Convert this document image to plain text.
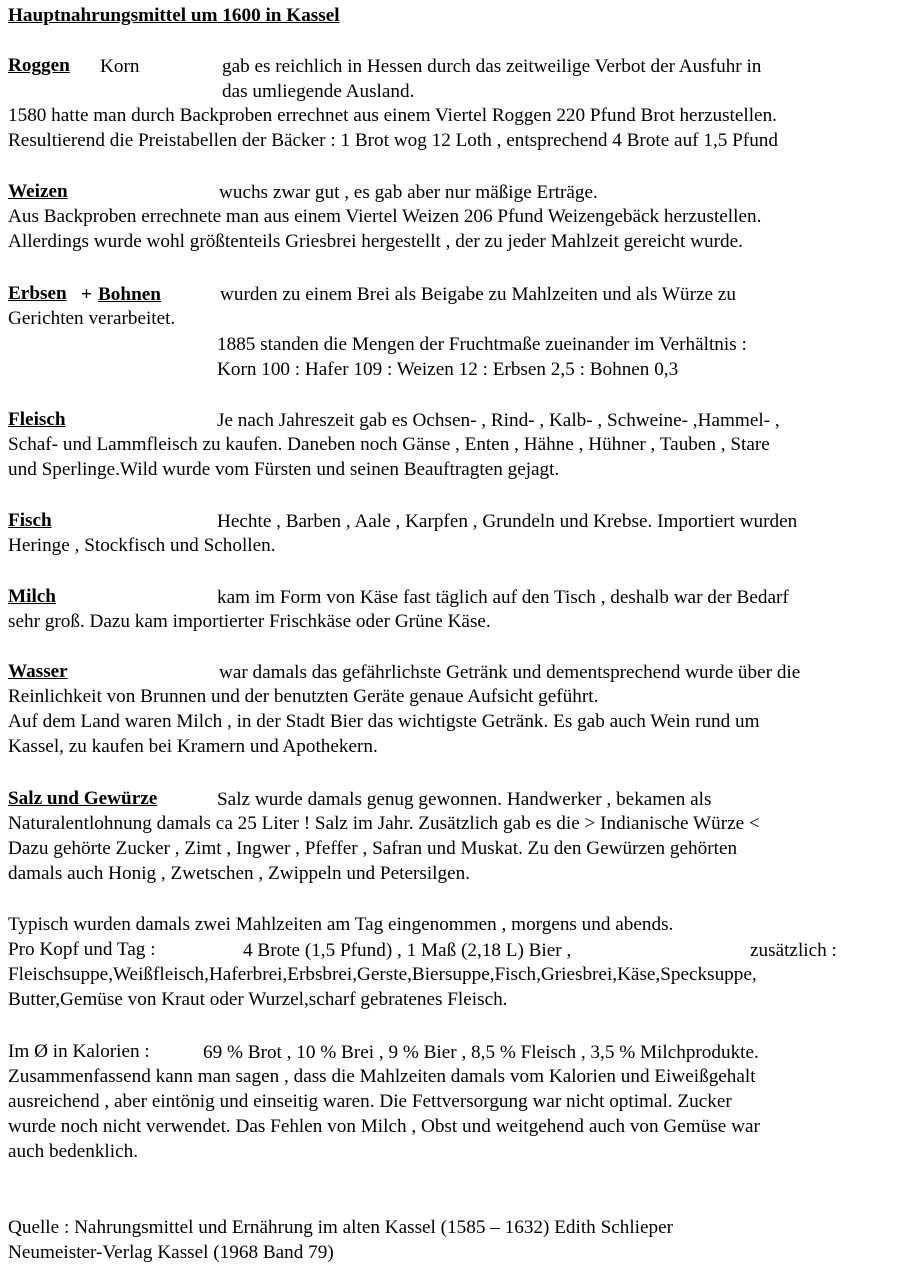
Hauptnahrungsmittel um 1600 in Kassel
Roggen Korn	gab es reichlich in Hessen durch das zeitweilige Verbot der Ausfuhr in
das umliegende Ausland.
1580 hatte man durch Backproben errechnet aus einem Viertel Roggen 220 Pfund Brot herzustellen.
Resultierend die Preistabellen der Bäcker : 1 Brot wog 12 Loth , entsprechend 4 Brote auf 1,5 Pfund
Weizen	wuchs zwar gut , es gab aber nur mäßige Erträge.
Aus Backproben errechnete man aus einem Viertel Weizen 206 Pfund Weizengebäck herzustellen.
Allerdings wurde wohl größtenteils Griesbrei hergestellt , der zu jeder Mahlzeit gereicht wurde.
Erbsen + Bohnen	wurden zu einem Brei als Beigabe zu Mahlzeiten und als Würze zu
Gerichten verarbeitet.
1885 standen die Mengen der Fruchtmaße zueinander im Verhältnis :
Korn 100 : Hafer 109 : Weizen 12 : Erbsen 2,5 : Bohnen 0,3
Fleisch	Je nach Jahreszeit gab es Ochsen- , Rind- , Kalb- , Schweine- ,Hammel- ,
Schaf- und Lammfleisch zu kaufen. Daneben noch Gänse , Enten , Hähne , Hühner , Tauben , Stare
und Sperlinge.Wild wurde vom Fürsten und seinen Beauftragten gejagt.
Fisch	Hechte , Barben , Aale , Karpfen , Grundeln und Krebse. Importiert wurden
Heringe , Stockfisch und Schollen.
Milch	kam im Form von Käse fast täglich auf den Tisch , deshalb war der Bedarf
sehr groß. Dazu kam importierter Frischkäse oder Grüne Käse.
Wasser	war damals das gefährlichste Getränk und dementsprechend wurde über die
Reinlichkeit von Brunnen und der benutzten Geräte genaue Aufsicht geführt.
Auf dem Land waren Milch , in der Stadt Bier das wichtigste Getränk. Es gab auch Wein rund um
Kassel, zu kaufen bei Kramern und Apothekern.
Salz und Gewürze	Salz wurde damals genug gewonnen. Handwerker , bekamen als
Naturalentlohnung damals ca 25 Liter ! Salz im Jahr. Zusätzlich gab es die > Indianische Würze <
Dazu gehörte Zucker , Zimt , Ingwer , Pfeffer , Safran und Muskat. Zu den Gewürzen gehörten
damals auch Honig , Zwetschen , Zwippeln und Petersilgen.
Typisch wurden damals zwei Mahlzeiten am Tag eingenommen , morgens und abends.
Pro Kopf und Tag :	4 Brote (1,5 Pfund) , 1 Maß (2,18 L) Bier ,	zusätzlich :
Fleischsuppe,Weißfleisch,Haferbrei,Erbsbrei,Gerste,Biersuppe,Fisch,Griesbrei,Käse,Specksuppe,
Butter,Gemüse von Kraut oder Wurzel,scharf gebratenes Fleisch.
Im Ø in Kalorien :	69 % Brot , 10 % Brei , 9 % Bier , 8,5 % Fleisch , 3,5 % Milchprodukte.
Zusammenfassend kann man sagen , dass die Mahlzeiten damals vom Kalorien und Eiweißgehalt
ausreichend , aber eintönig und einseitig waren. Die Fettversorgung war nicht optimal. Zucker
wurde noch nicht verwendet. Das Fehlen von Milch , Obst und weitgehend auch von Gemüse war
auch bedenklich.
Quelle : Nahrungsmittel und Ernährung im alten Kassel (1585 – 1632) Edith Schlieper
Neumeister-Verlag Kassel (1968 Band 79)
